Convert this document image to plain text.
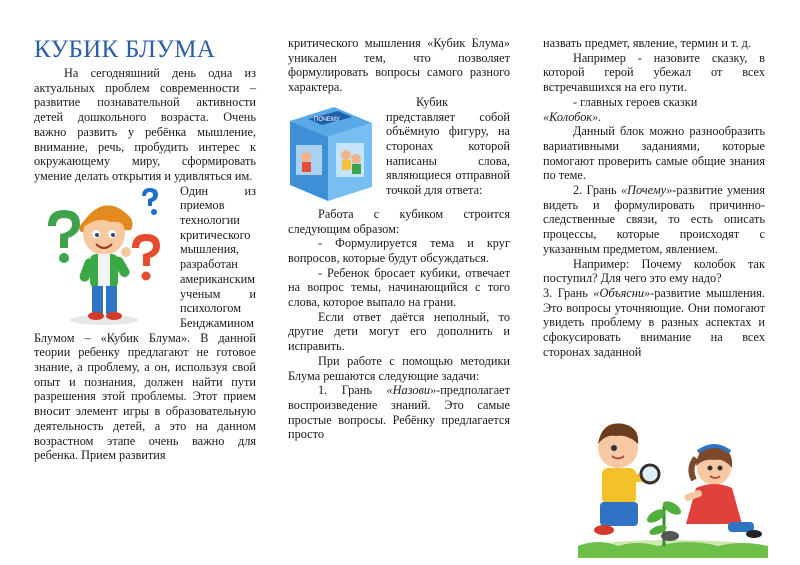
КУБИК БЛУМА

На сегодняшний день одна из актуальных проблем современности – развитие познавательной активности детей дошкольного возраста. Очень важно развить у ребёнка мышление, внимание, речь, пробудить интерес к окружающему миру, сформировать умение делать открытия и удивляться им.

Один из приемов технологии критического мышления, разработан американским ученым и психологом Бенджамином Блумом – «Кубик Блума». В данной теории ребенку предлагают не готовое знание, а проблему, а он, используя свой опыт и познания, должен найти пути разрешения этой проблемы. Этот прием вносит элемент игры в образовательную деятельность детей, а это на данном возрастном этапе очень важно для ребенка. Прием развития

критического мышления «Кубик Блума» уникален тем, что позволяет формулировать вопросы самого разного характера.

ПОЧЕМУ

Кубик представляет собой объёмную фигуру, на сторонах которой написаны слова, являющиеся отправной точкой для ответа:

Работа с кубиком строится следующим образом:

- Формулируется тема и круг вопросов, которые будут обсуждаться.

- Ребенок бросает кубики, отвечает на вопрос темы, начинающийся с того слова, которое выпало на грани.

Если ответ даётся неполный, то другие дети могут его дополнить и исправить.

При работе с помощью методики Блума решаются следующие задачи:

1. Грань «Назови»-предполагает воспроизведение знаний. Это самые простые вопросы. Ребёнку предлагается просто

назвать предмет, явление, термин и т. д.

Например - назовите сказку, в которой герой убежал от всех встречавшихся на его пути.

- главных героев сказки

«Колобок».

Данный блок можно разнообразить вариативными заданиями, которые помогают проверить самые общие знания по теме.

2. Грань «Почему»-развитие умения видеть и формулировать причинно-следственные связи, то есть описать процессы, которые происходят с указанным предметом, явлением.

Например: Почему колобок так поступил? Для чего это ему надо?

3. Грань «Объясни»-развитие мышления. Это вопросы уточняющие. Они помогают увидеть проблему в разных аспектах и сфокусировать внимание на всех сторонах заданной
